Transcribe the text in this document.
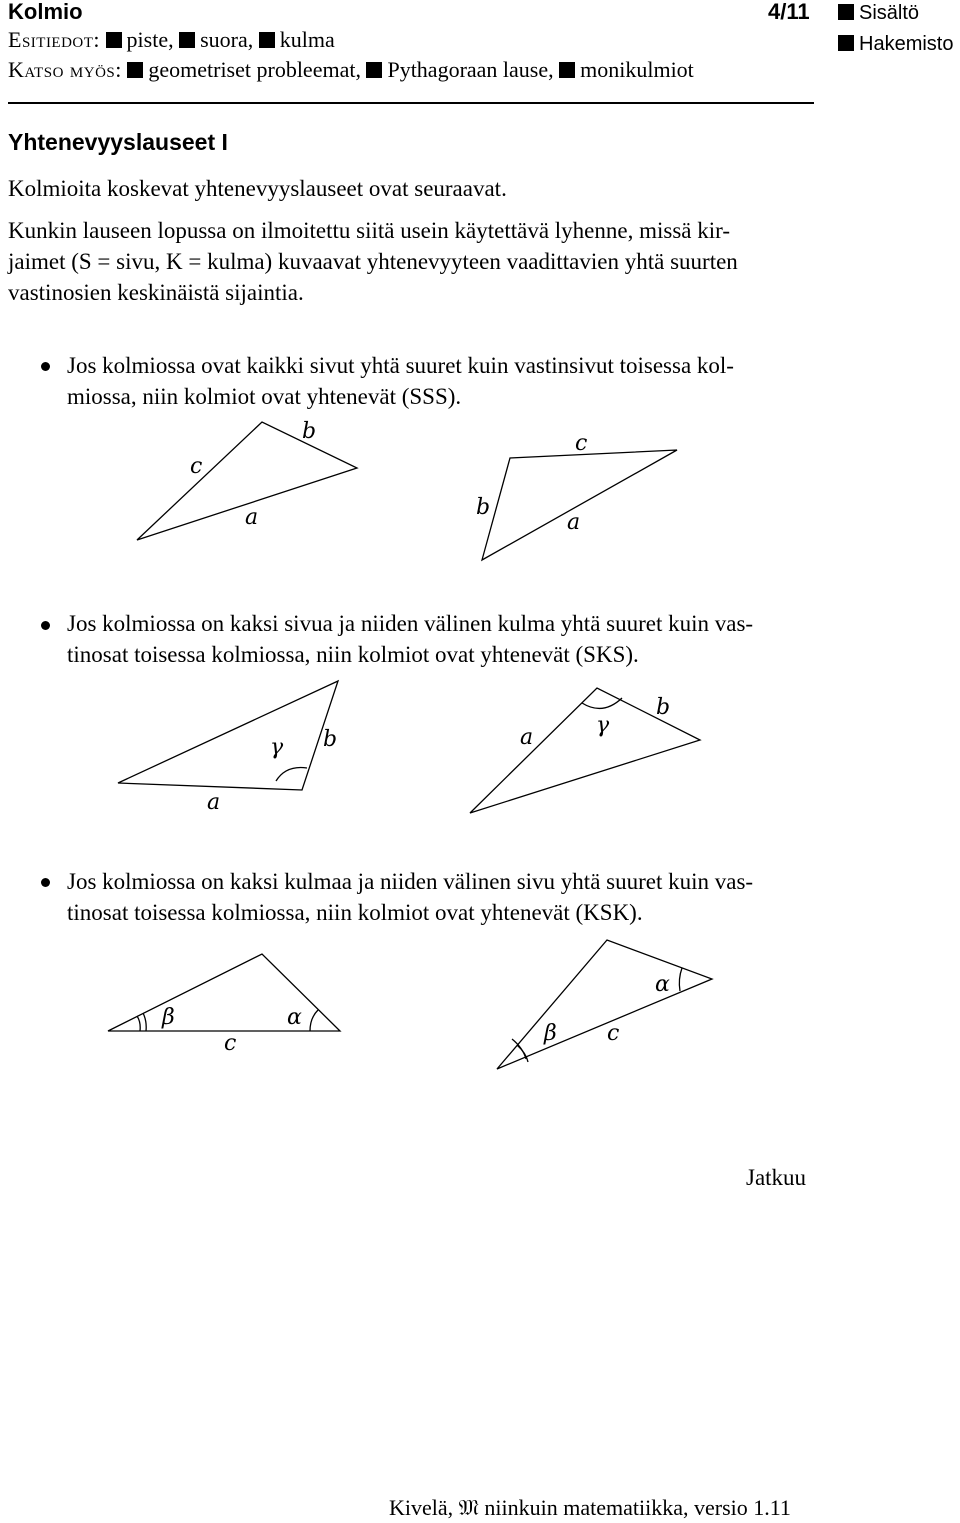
Kolmio	4/11
Esitiedot: piste, suora, kulma
Katso myös: geometriset probleemat, Pythagoraan lause, monikulmiot
Sisältö
Hakemisto
Yhtenevyyslauseet I
Kolmioita koskevat yhtenevyyslauseet ovat seuraavat.
Kunkin lauseen lopussa on ilmoitettu siitä usein käytettävä lyhenne, missä kir-
jaimet (S = sivu, K = kulma) kuvaavat yhtenevyyteen vaadittavien yhtä suurten
vastinosien keskinäistä sijaintia.
Jos kolmiossa ovat kaikki sivut yhtä suuret kuin vastinsivut toisessa kol-
miossa, niin kolmiot ovat yhtenevät (SSS).
c
b
a
c
b
a
Jos kolmiossa on kaksi sivua ja niiden välinen kulma yhtä suuret kuin vas-
tinosat toisessa kolmiossa, niin kolmiot ovat yhtenevät (SKS).
γ b
a
γ
b
a
Jos kolmiossa on kaksi kulmaa ja niiden välinen sivu yhtä suuret kuin vas-
tinosat toisessa kolmiossa, niin kolmiot ovat yhtenevät (KSK).
β	α
c	β
α
c
Jatkuu
Kivelä, 𝔐 niinkuin matematiikka, versio 1.11
